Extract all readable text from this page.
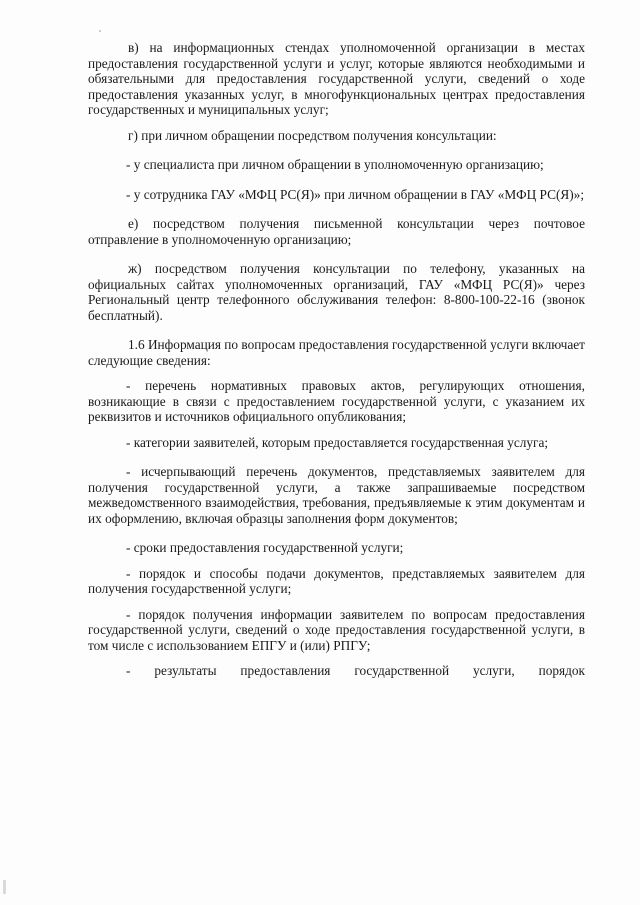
в) на информационных стендах уполномоченной организации в местах предоставления государственной услуги и услуг, которые являются необходимыми и обязательными для предоставления государственной услуги, сведений о ходе предоставления указанных услуг, в многофункциональных центрах предоставления государственных и муниципальных услуг;

г) при личном обращении посредством получения консультации:

- у специалиста при личном обращении в уполномоченную организацию;

- у сотрудника ГАУ «МФЦ РС(Я)» при личном обращении в ГАУ «МФЦ РС(Я)»;

е) посредством получения письменной консультации через почтовое отправление в уполномоченную организацию;

ж) посредством получения консультации по телефону, указанных на официальных сайтах уполномоченных организаций, ГАУ «МФЦ РС(Я)» через Региональный центр телефонного обслуживания телефон: 8-800-100-22-16 (звонок бесплатный).

1.6 Информация по вопросам предоставления государственной услуги включает следующие сведения:

- перечень нормативных правовых актов, регулирующих отношения, возникающие в связи с предоставлением государственной услуги, с указанием их реквизитов и источников официального опубликования;

- категории заявителей, которым предоставляется государственная услуга;

- исчерпывающий перечень документов, представляемых заявителем для получения государственной услуги, а также запрашиваемые посредством межведомственного взаимодействия, требования, предъявляемые к этим документам и их оформлению, включая образцы заполнения форм документов;

- сроки предоставления государственной услуги;

- порядок и способы подачи документов, представляемых заявителем для получения государственной услуги;

- порядок получения информации заявителем по вопросам предоставления государственной услуги, сведений о ходе предоставления государственной услуги, в том числе с использованием ЕПГУ и (или) РПГУ;

- результаты предоставления государственной услуги, порядок
